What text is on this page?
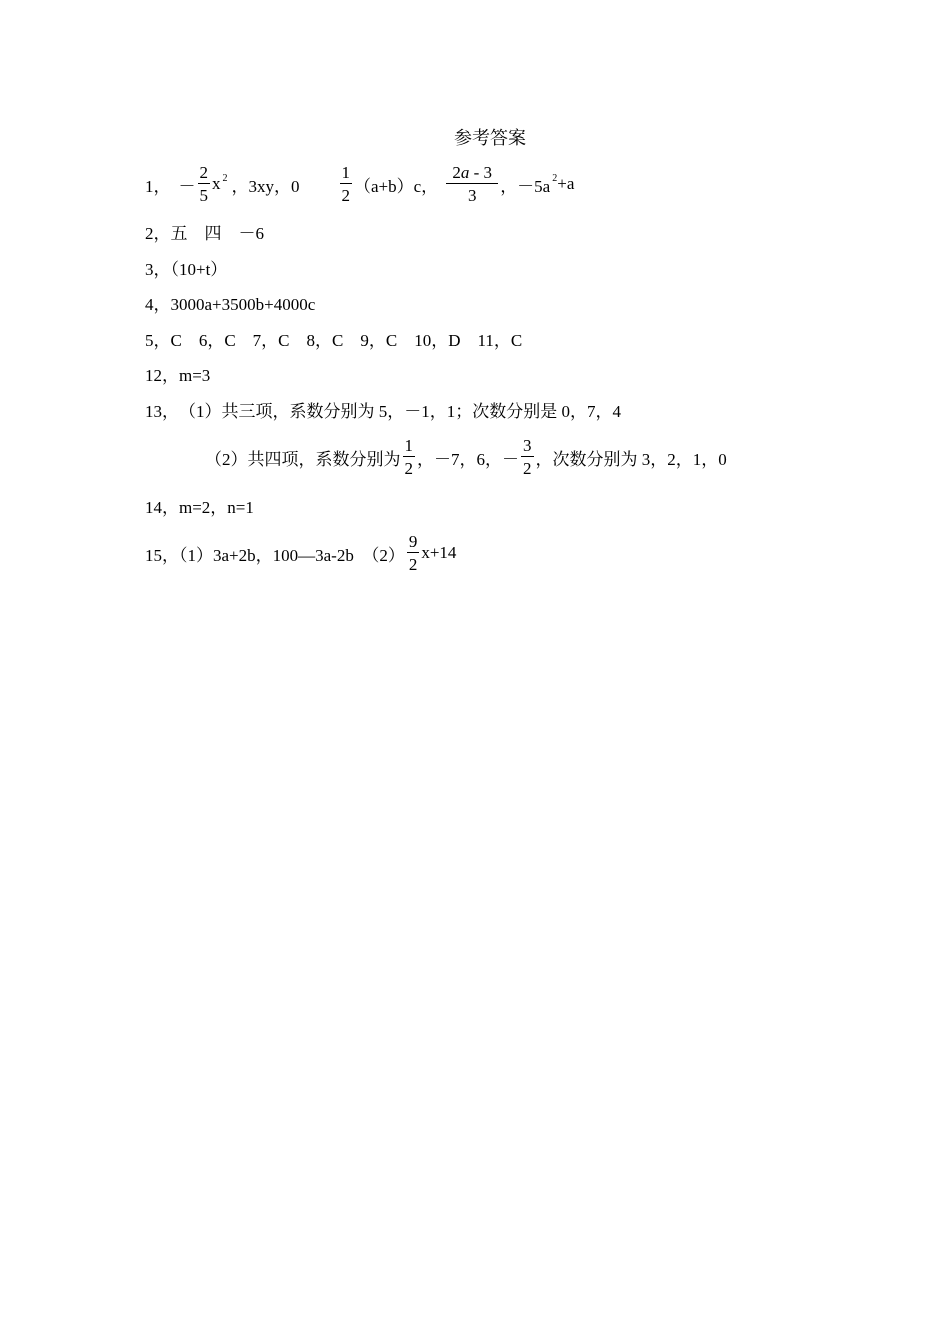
参考答案
1， － $\frac{2}{5}$ x 2 ，3xy，$0 \frac{1}{2} (a+b)c$， $\frac{2a - 3}{3}$ ，－5a 2 +a
2，五　四　－6
3，（10+t）
4，3000a+3500b+4000c
5，C　6，C　7，C　8，C　9，C　10，D　11，C
12，m=3
13，　（1）共三项，系数分别为 5，－1，1；次数分别是 0，7，4
（2）共四项，系数分别为 $\frac{1}{2}$ ，－7，6，－ $\frac{3}{2}$ ，次数分别为 3，2，1，0
14，m=2，n=1
15，（1）3a+2b，100—3a-2b　$(2) \frac{9}{2} x+14$
